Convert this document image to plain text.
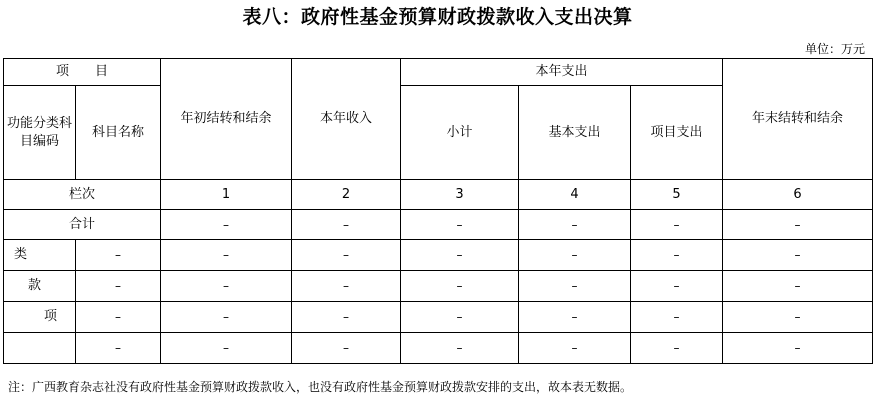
表八：政府性基金预算财政拨款收入支出决算
单位：万元
项　　目		年初结转和结余	本年收入	本年支出			年末结转和结余
功能分类科目编码	科目名称			小计	基本支出	项目支出	
栏次		1	2	3	4	5	6
合计		–	–	–	–	–	–
类	–	–	–	–	–	–	–
款	–	–	–	–	–	–	–
项	–	–	–	–	–	–	–
	–	–	–	–	–	–	–
注：广西教育杂志社没有政府性基金预算财政拨款收入，也没有政府性基金预算财政拨款安排的支出，故本表无数据。
